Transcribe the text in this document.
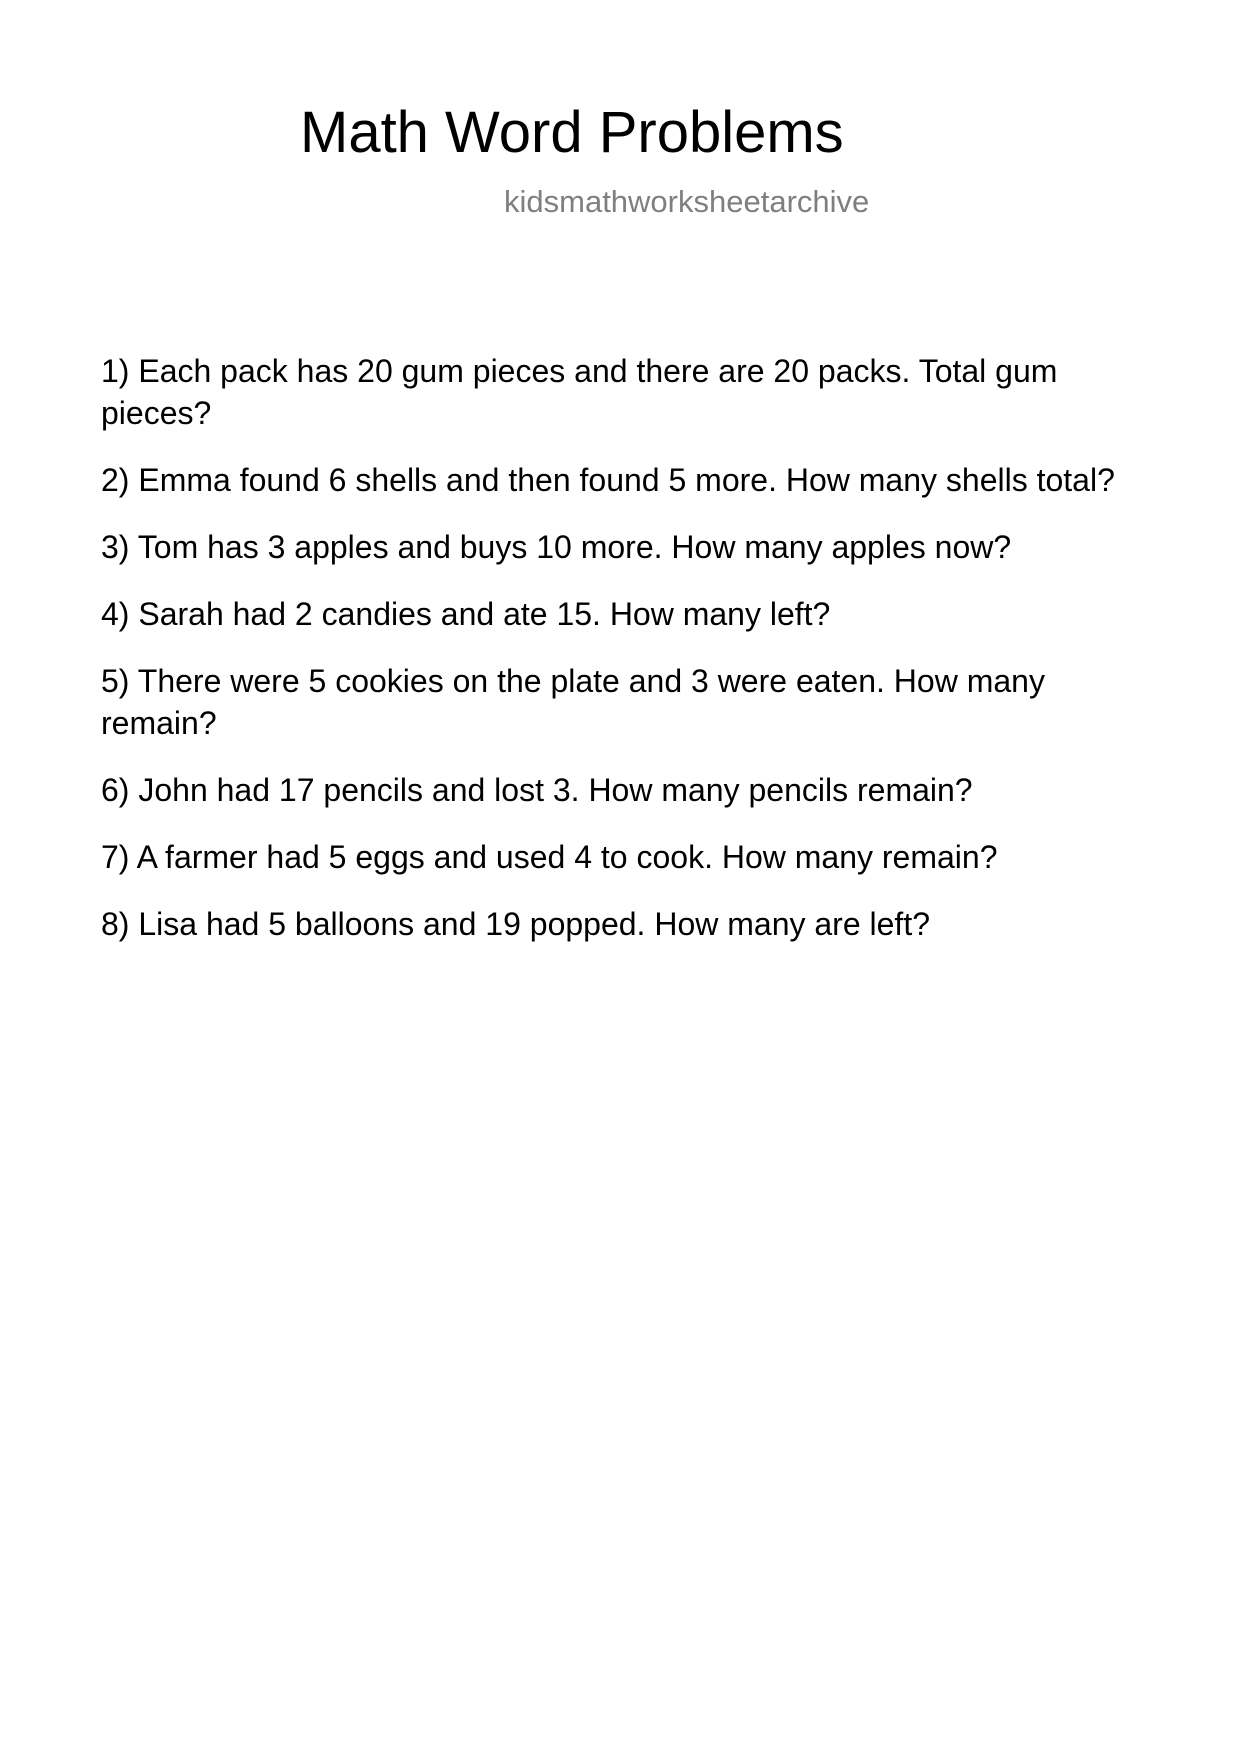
Math Word Problems
kidsmathworksheetarchive
1) Each pack has 20 gum pieces and there are 20 packs. Total gum pieces?
2) Emma found 6 shells and then found 5 more. How many shells total?
3) Tom has 3 apples and buys 10 more. How many apples now?
4) Sarah had 2 candies and ate 15. How many left?
5) There were 5 cookies on the plate and 3 were eaten. How many remain?
6) John had 17 pencils and lost 3. How many pencils remain?
7) A farmer had 5 eggs and used 4 to cook. How many remain?
8) Lisa had 5 balloons and 19 popped. How many are left?
